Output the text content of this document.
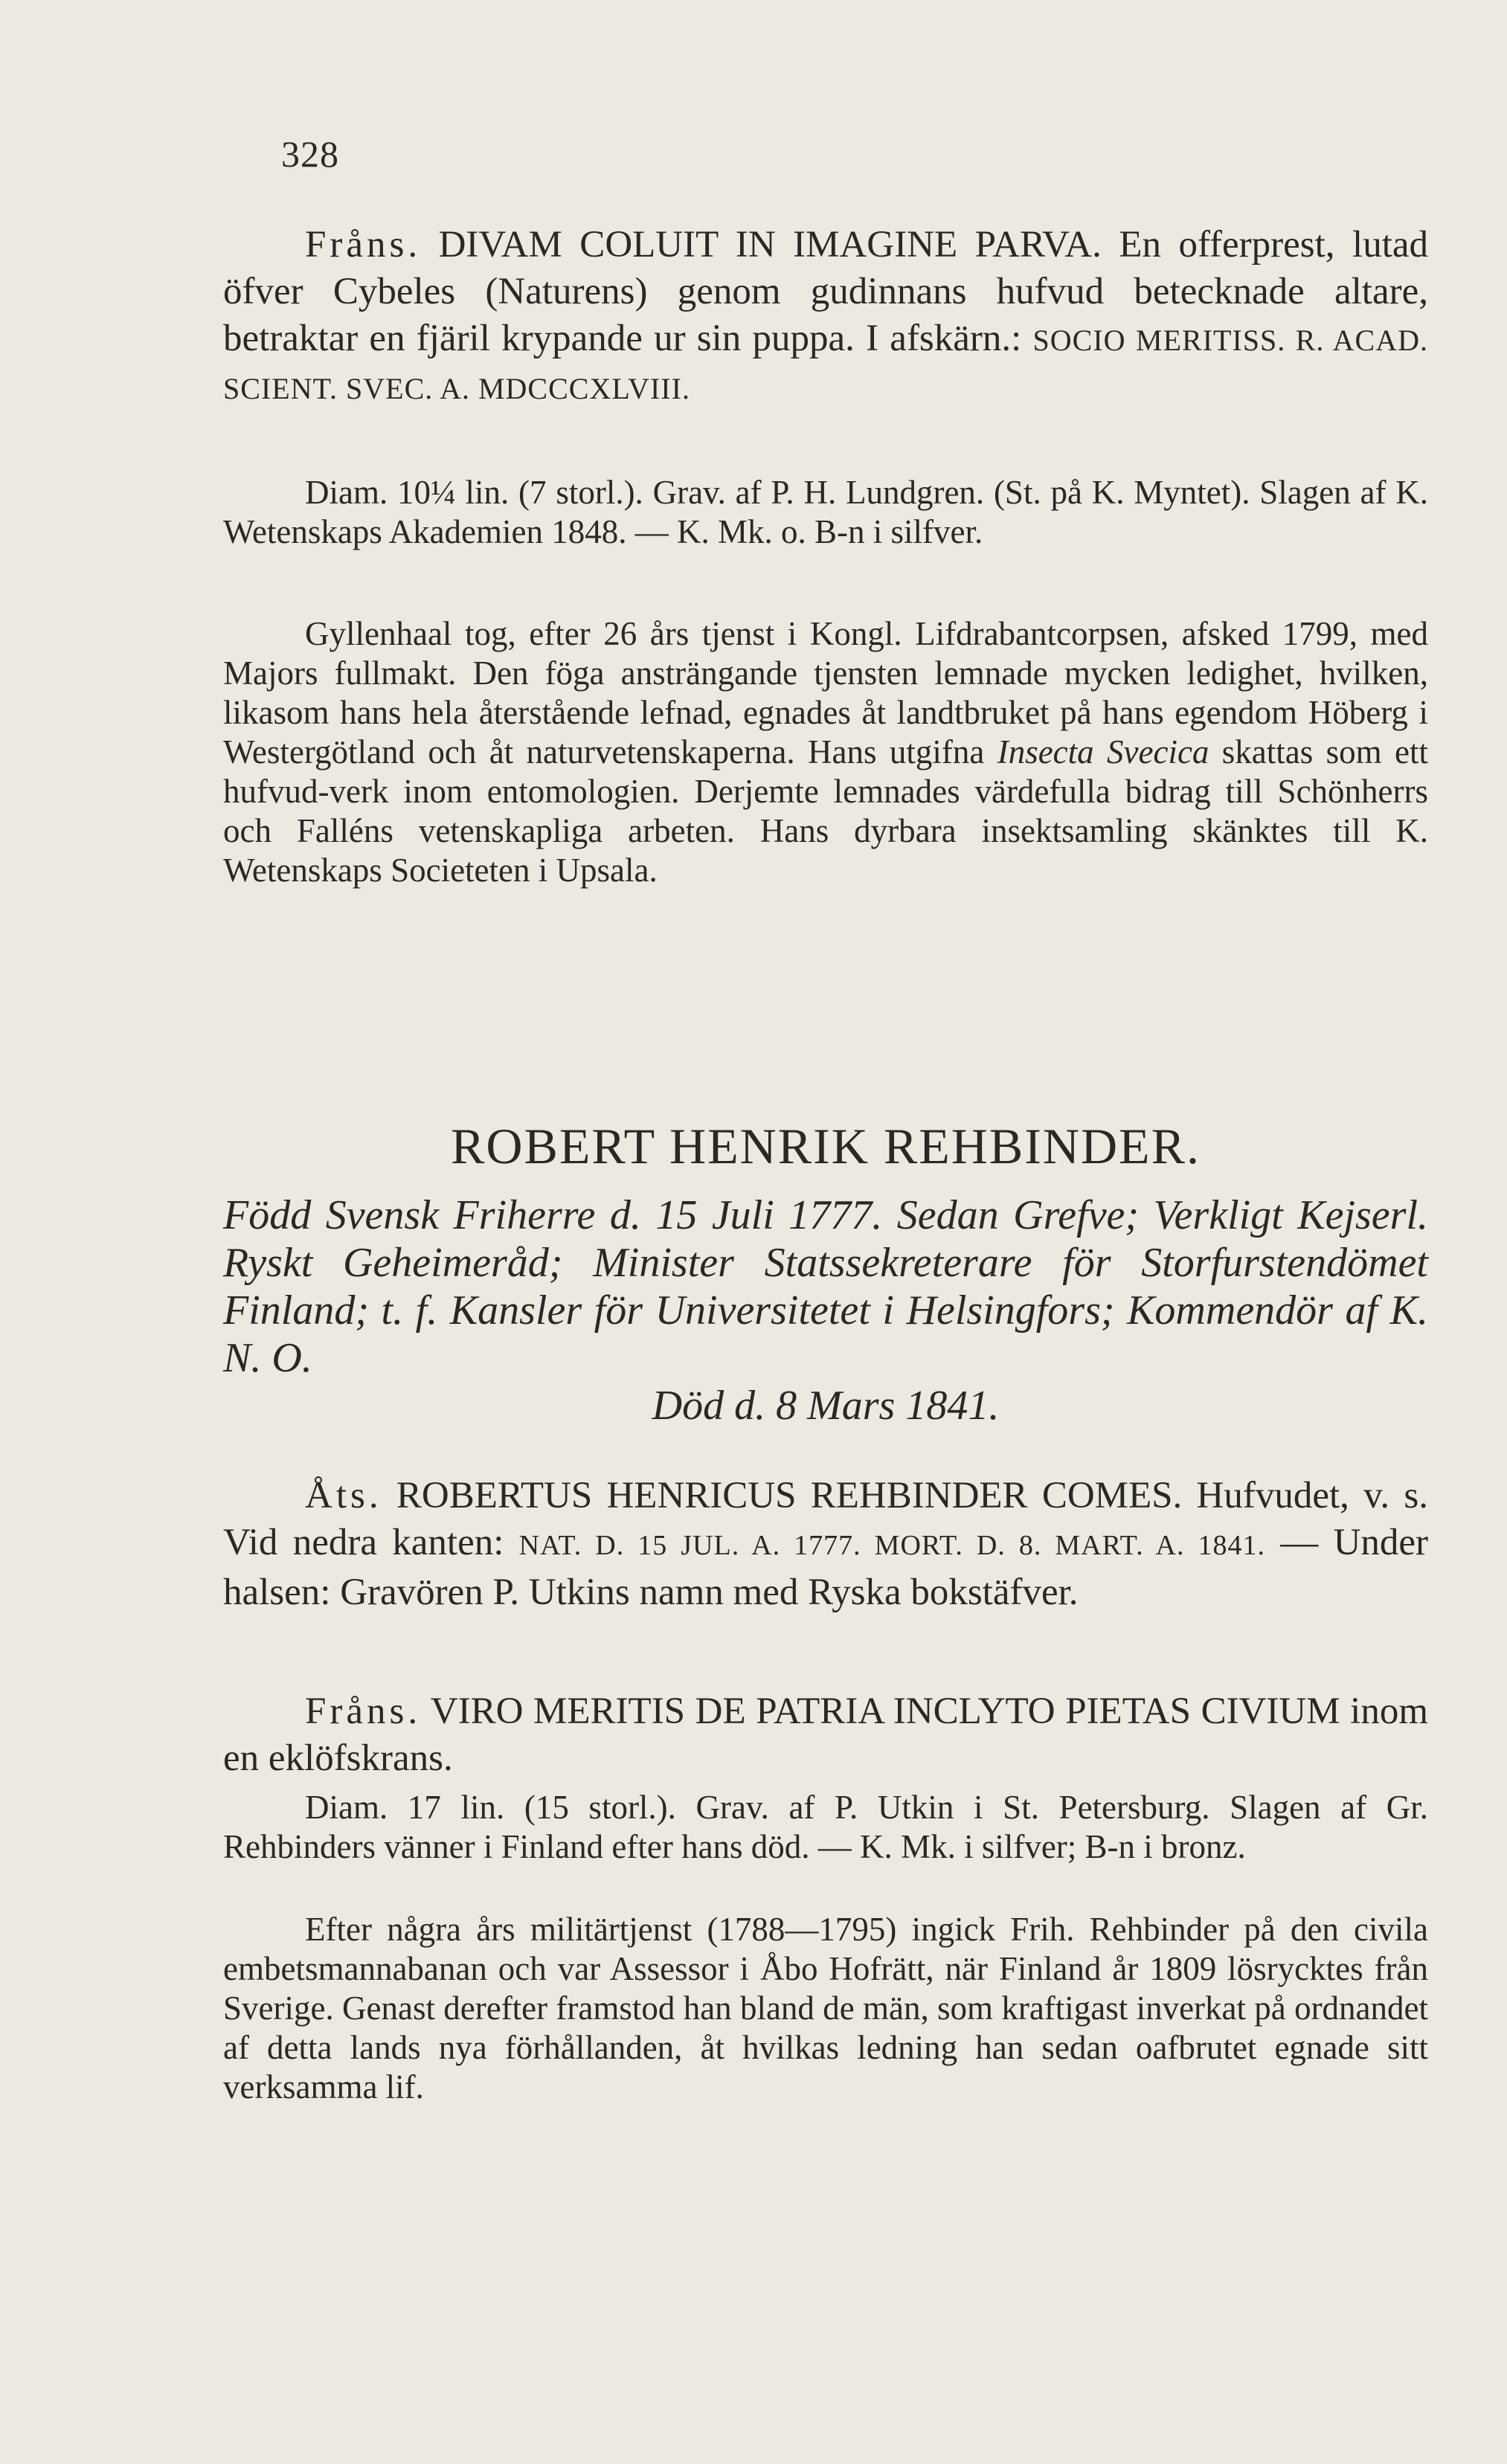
328

Fråns. DIVAM COLUIT IN IMAGINE PARVA. En offerprest, lutad öfver Cybeles (Naturens) genom gudinnans hufvud betecknade altare, betraktar en fjäril krypande ur sin puppa. I afskärn.: SOCIO MERITISS. R. ACAD. SCIENT. SVEC. A. MDCCCXLVIII.

Diam. 10¼ lin. (7 storl.). Grav. af P. H. Lundgren. (St. på K. Myntet). Slagen af K. Wetenskaps Akademien 1848. — K. Mk. o. B-n i silfver.

Gyllenhaal tog, efter 26 års tjenst i Kongl. Lifdrabantcorpsen, afsked 1799, med Majors fullmakt. Den föga ansträngande tjensten lemnade mycken ledighet, hvilken, likasom hans hela återstående lefnad, egnades åt landtbruket på hans egendom Höberg i Westergötland och åt naturvetenskaperna. Hans utgifna Insecta Svecica skattas som ett hufvud-verk inom entomologien. Derjemte lemnades värdefulla bidrag till Schönherrs och Falléns vetenskapliga arbeten. Hans dyrbara insektsamling skänktes till K. Wetenskaps Societeten i Upsala.

ROBERT HENRIK REHBINDER.

Född Svensk Friherre d. 15 Juli 1777. Sedan Grefve; Verkligt Kejserl. Ryskt Geheimeråd; Minister Statssekreterare för Storfurstendömet Finland; t. f. Kansler för Universitetet i Helsingfors; Kommendör af K. N. O.

Död d. 8 Mars 1841.

Åts. ROBERTUS HENRICUS REHBINDER COMES. Hufvudet, v. s. Vid nedra kanten: NAT. D. 15 JUL. A. 1777. MORT. D. 8. MART. A. 1841. — Under halsen: Gravören P. Utkins namn med Ryska bokstäfver.

Fråns. VIRO MERITIS DE PATRIA INCLYTO PIETAS CIVIUM inom en eklöfskrans.

Diam. 17 lin. (15 storl.). Grav. af P. Utkin i St. Petersburg. Slagen af Gr. Rehbinders vänner i Finland efter hans död. — K. Mk. i silfver; B-n i bronz.

Efter några års militärtjenst (1788—1795) ingick Frih. Rehbinder på den civila embetsmannabanan och var Assessor i Åbo Hofrätt, när Finland år 1809 lösrycktes från Sverige. Genast derefter framstod han bland de män, som kraftigast inverkat på ordnandet af detta lands nya förhållanden, åt hvilkas ledning han sedan oafbrutet egnade sitt verksamma lif.
